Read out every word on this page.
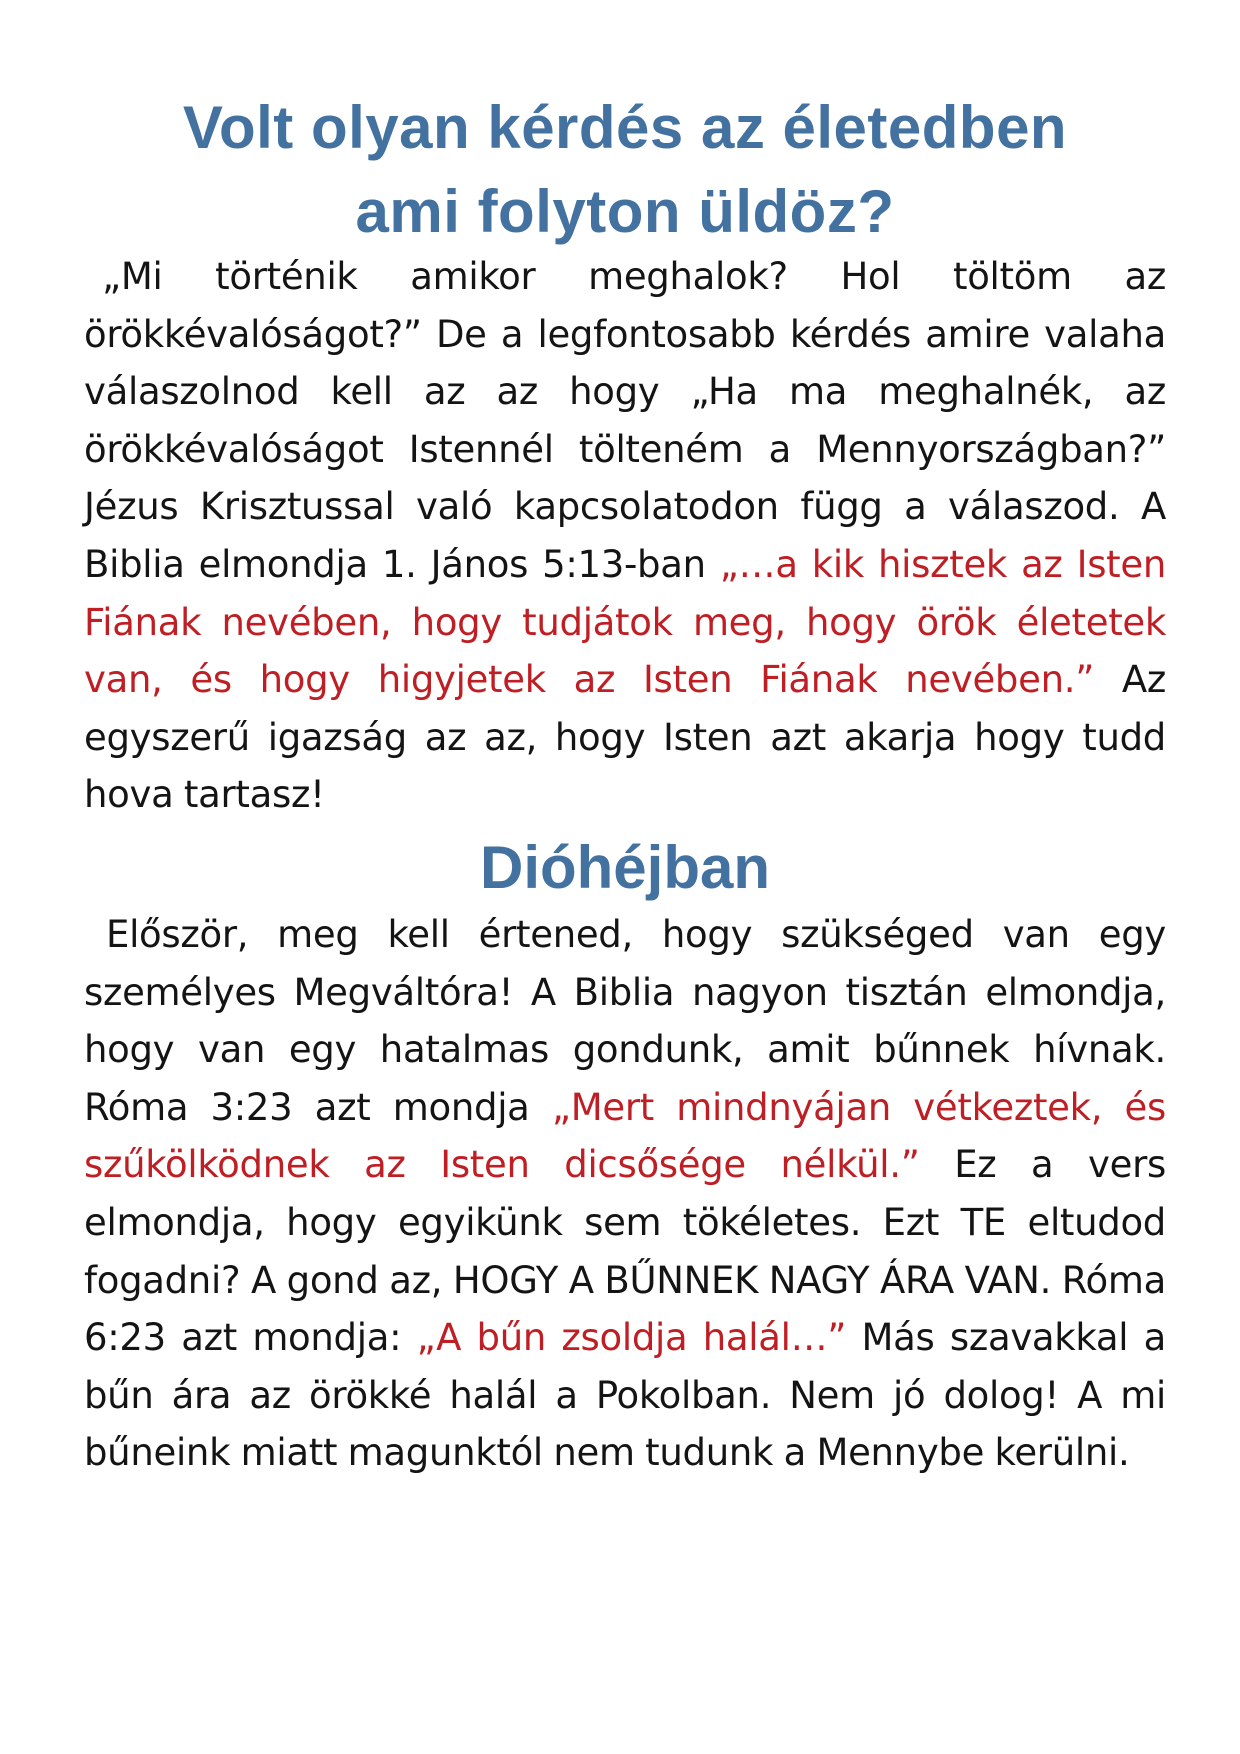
Volt olyan kérdés az életedben
ami folyton üldöz?

„Mi történik amikor meghalok? Hol töltöm az örökkévalóságot?” De a legfontosabb kérdés amire valaha válaszolnod kell az az hogy „Ha ma meghalnék, az örökkévalóságot Istennél tölteném a Mennyországban?” Jézus Krisztussal való kapcsolatodon függ a válaszod. A Biblia elmondja 1. János 5:13-ban „…a kik hisztek az Isten Fiának nevében, hogy tudjátok meg, hogy örök életetek van, és hogy higyjetek az Isten Fiának nevében.” Az egyszerű igazság az az, hogy Isten azt akarja hogy tudd hova tartasz!

Dióhéjban

Először, meg kell értened, hogy szükséged van egy személyes Megváltóra! A Biblia nagyon tisztán elmondja, hogy van egy hatalmas gondunk, amit bűnnek hívnak. Róma 3:23 azt mondja „Mert mindnyájan vétkeztek, és szűkölködnek az Isten dicsősége nélkül.” Ez a vers elmondja, hogy egyikünk sem tökéletes. Ezt TE eltudod fogadni? A gond az, HOGY A BŰNNEK NAGY ÁRA VAN. Róma 6:23 azt mondja: „A bűn zsoldja halál…” Más szavakkal a bűn ára az örökké halál a Pokolban. Nem jó dolog! A mi bűneink miatt magunktól nem tudunk a Mennybe kerülni.
